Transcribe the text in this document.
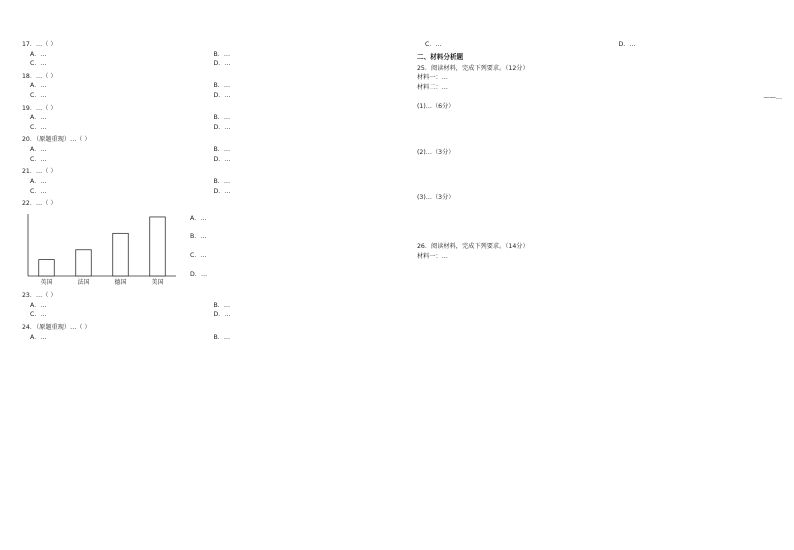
17．…（ ）

A．…	B．…
C．…	D．…

18．…（ ）

A．…	B．…
C．…	D．…

19．…（ ）

A．…	B．…
C．…	D．…

20．（原题重现）…（ ）

A．…	B．…
C．…	D．…

21．…（ ）

A．…	B．…
C．…	D．…

22．…（ ）

英国	法国	德国	美国
A．…
B．…
C．…
D．…

23．…（ ）

A．…	B．…
C．…	D．…

24．（原题重现）…（ ）

A．…	B．…
C．…	D．…
二、材料分析题

25．阅读材料，完成下列要求。（12分）

材料一：…

材料二：…

——…

(1)…（6分）

(2)…（3分）

(3)…（3分）

26．阅读材料，完成下列要求。（14分）

材料一：…
